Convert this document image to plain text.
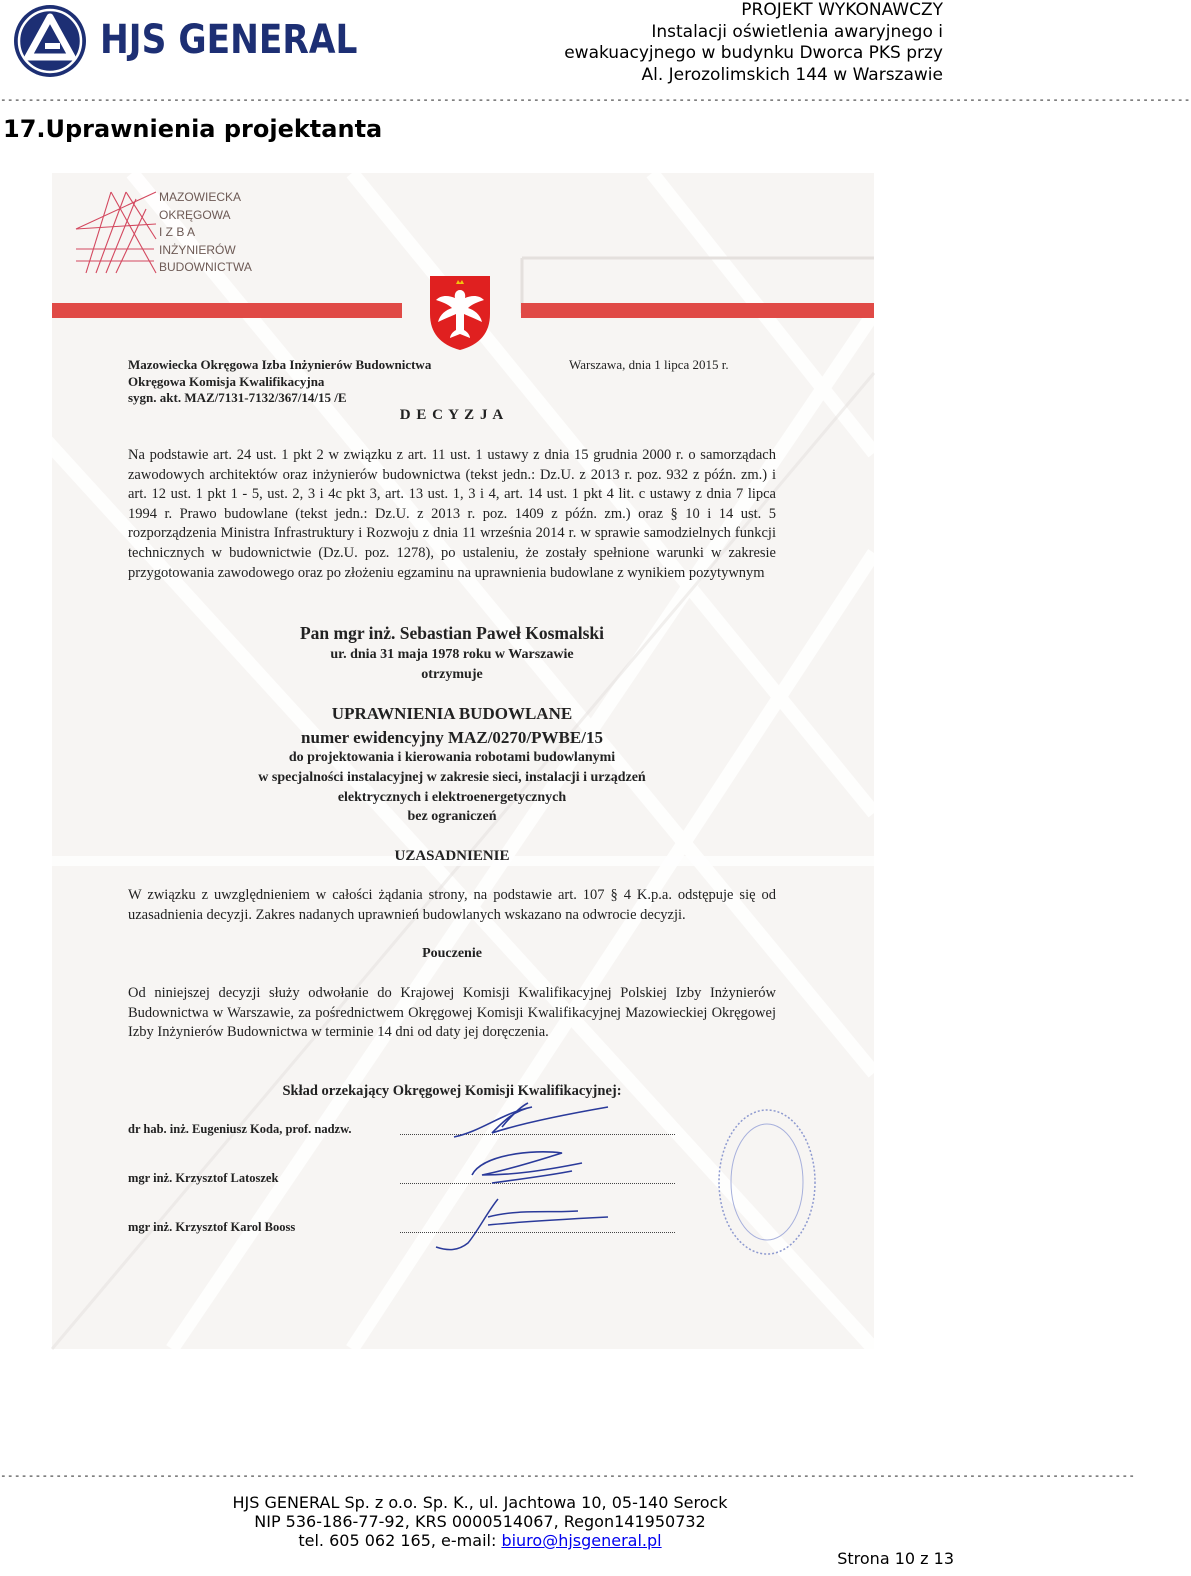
HJS GENERAL
PROJEKT WYKONAWCZY
Instalacji oświetlenia awaryjnego i
ewakuacyjnego w budynku Dworca PKS przy
Al. Jerozolimskich 144 w Warszawie
----------------------------------------------------------------------------------------------------------------------------------------------------------------------------
17.Uprawnienia projektanta
MAZOWIECKA
OKRĘGOWA
I Z B A
INŻYNIERÓW
BUDOWNICTWA
Mazowiecka Okręgowa Izba Inżynierów Budownictwa
Okręgowa Komisja Kwalifikacyjna
sygn. akt. MAZ/7131-7132/367/14/15 /E
Warszawa, dnia 1 lipca 2015 r.
D E C Y Z J A
Na podstawie art. 24 ust. 1 pkt 2 w związku z art. 11 ust. 1 ustawy z dnia 15 grudnia 2000 r. o samorządach zawodowych architektów oraz inżynierów budownictwa (tekst jedn.: Dz.U. z 2013 r. poz. 932 z późn. zm.) i art. 12 ust. 1 pkt 1 - 5, ust. 2, 3 i 4c pkt 3, art. 13 ust. 1, 3 i 4, art. 14 ust. 1 pkt 4 lit. c ustawy z dnia 7 lipca 1994 r. Prawo budowlane (tekst jedn.: Dz.U. z 2013 r. poz. 1409 z późn. zm.) oraz § 10 i 14 ust. 5 rozporządzenia Ministra Infrastruktury i Rozwoju z dnia 11 września 2014 r. w sprawie samodzielnych funkcji technicznych w budownictwie (Dz.U. poz. 1278), po ustaleniu, że zostały spełnione warunki w zakresie przygotowania zawodowego oraz po złożeniu egzaminu na uprawnienia budowlane z wynikiem pozytywnym
Pan mgr inż. Sebastian Paweł Kosmalski
ur. dnia 31 maja 1978 roku w Warszawie
otrzymuje
UPRAWNIENIA BUDOWLANE
numer ewidencyjny MAZ/0270/PWBE/15
do projektowania i kierowania robotami budowlanymi
w specjalności instalacyjnej w zakresie sieci, instalacji i urządzeń
elektrycznych i elektroenergetycznych
bez ograniczeń
UZASADNIENIE
W związku z uwzględnieniem w całości żądania strony, na podstawie art. 107 § 4 K.p.a. odstępuje się od uzasadnienia decyzji. Zakres nadanych uprawnień budowlanych wskazano na odwrocie decyzji.
Pouczenie
Od niniejszej decyzji służy odwołanie do Krajowej Komisji Kwalifikacyjnej Polskiej Izby Inżynierów Budownictwa w Warszawie, za pośrednictwem Okręgowej Komisji Kwalifikacyjnej Mazowieckiej Okręgowej Izby Inżynierów Budownictwa w terminie 14 dni od daty jej doręczenia.
Skład orzekający Okręgowej Komisji Kwalifikacyjnej:
dr hab. inż. Eugeniusz Koda, prof. nadzw.
mgr inż. Krzysztof Latoszek
mgr inż. Krzysztof Karol Booss
--------------------------------------------------------------------------------------------------------------------------------------------------------------------
HJS GENERAL Sp. z o.o. Sp. K., ul. Jachtowa 10, 05-140 Serock
NIP 536-186-77-92, KRS 0000514067, Regon141950732
tel. 605 062 165, e-mail: biuro@hjsgeneral.pl
Strona 10 z 13
